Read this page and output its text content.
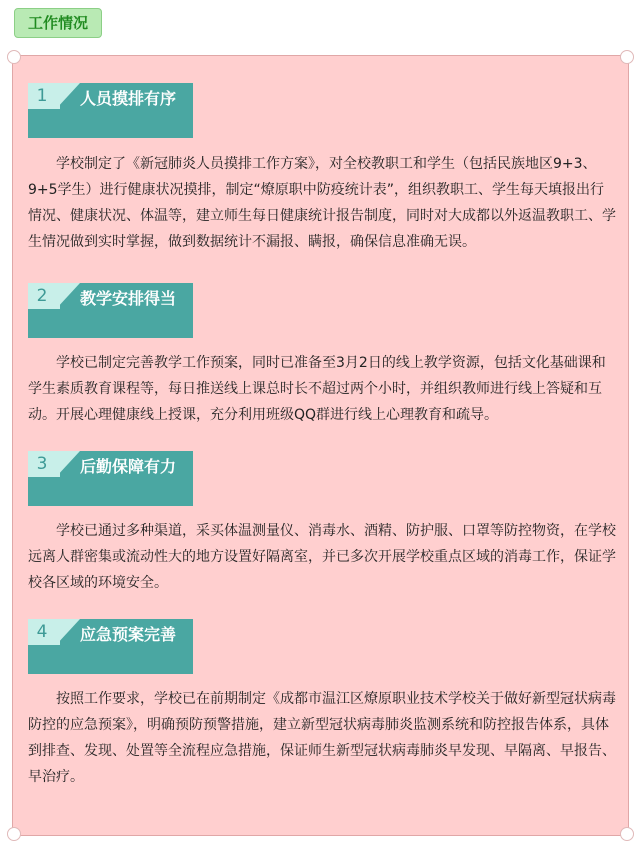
工作情况
1	人员摸排有序

学校制定了《新冠肺炎人员摸排工作方案》，对全校教职工和学生（包括民族地区9+3、9+5学生）进行健康状况摸排，制定“燎原职中防疫统计表”，组织教职工、学生每天填报出行情况、健康状况、体温等，建立师生每日健康统计报告制度，同时对大成都以外返温教职工、学生情况做到实时掌握，做到数据统计不漏报、瞒报，确保信息准确无误。

2	教学安排得当

学校已制定完善教学工作预案，同时已准备至3月2日的线上教学资源，包括文化基础课和学生素质教育课程等，每日推送线上课总时长不超过两个小时，并组织教师进行线上答疑和互动。开展心理健康线上授课，充分利用班级QQ群进行线上心理教育和疏导。

3	后勤保障有力

学校已通过多种渠道，采买体温测量仪、消毒水、酒精、防护服、口罩等防控物资，在学校远离人群密集或流动性大的地方设置好隔离室，并已多次开展学校重点区域的消毒工作，保证学校各区域的环境安全。

4	应急预案完善

按照工作要求，学校已在前期制定《成都市温江区燎原职业技术学校关于做好新型冠状病毒防控的应急预案》，明确预防预警措施，建立新型冠状病毒肺炎监测系统和防控报告体系，具体到排查、发现、处置等全流程应急措施，保证师生新型冠状病毒肺炎早发现、早隔离、早报告、早治疗。
